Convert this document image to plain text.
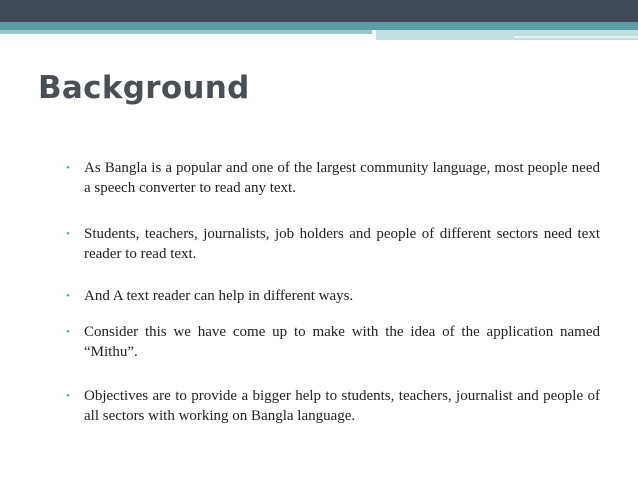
Background
• As Bangla is a popular and one of the largest community language, most people need a speech converter to read any text.
• Students, teachers, journalists, job holders and people of different sectors need text reader to read text.
• And A text reader can help in different ways.
• Consider this we have come up to make with the idea of the application named “Mithu”.
• Objectives are to provide a bigger help to students, teachers, journalist and people of all sectors with working on Bangla language.
